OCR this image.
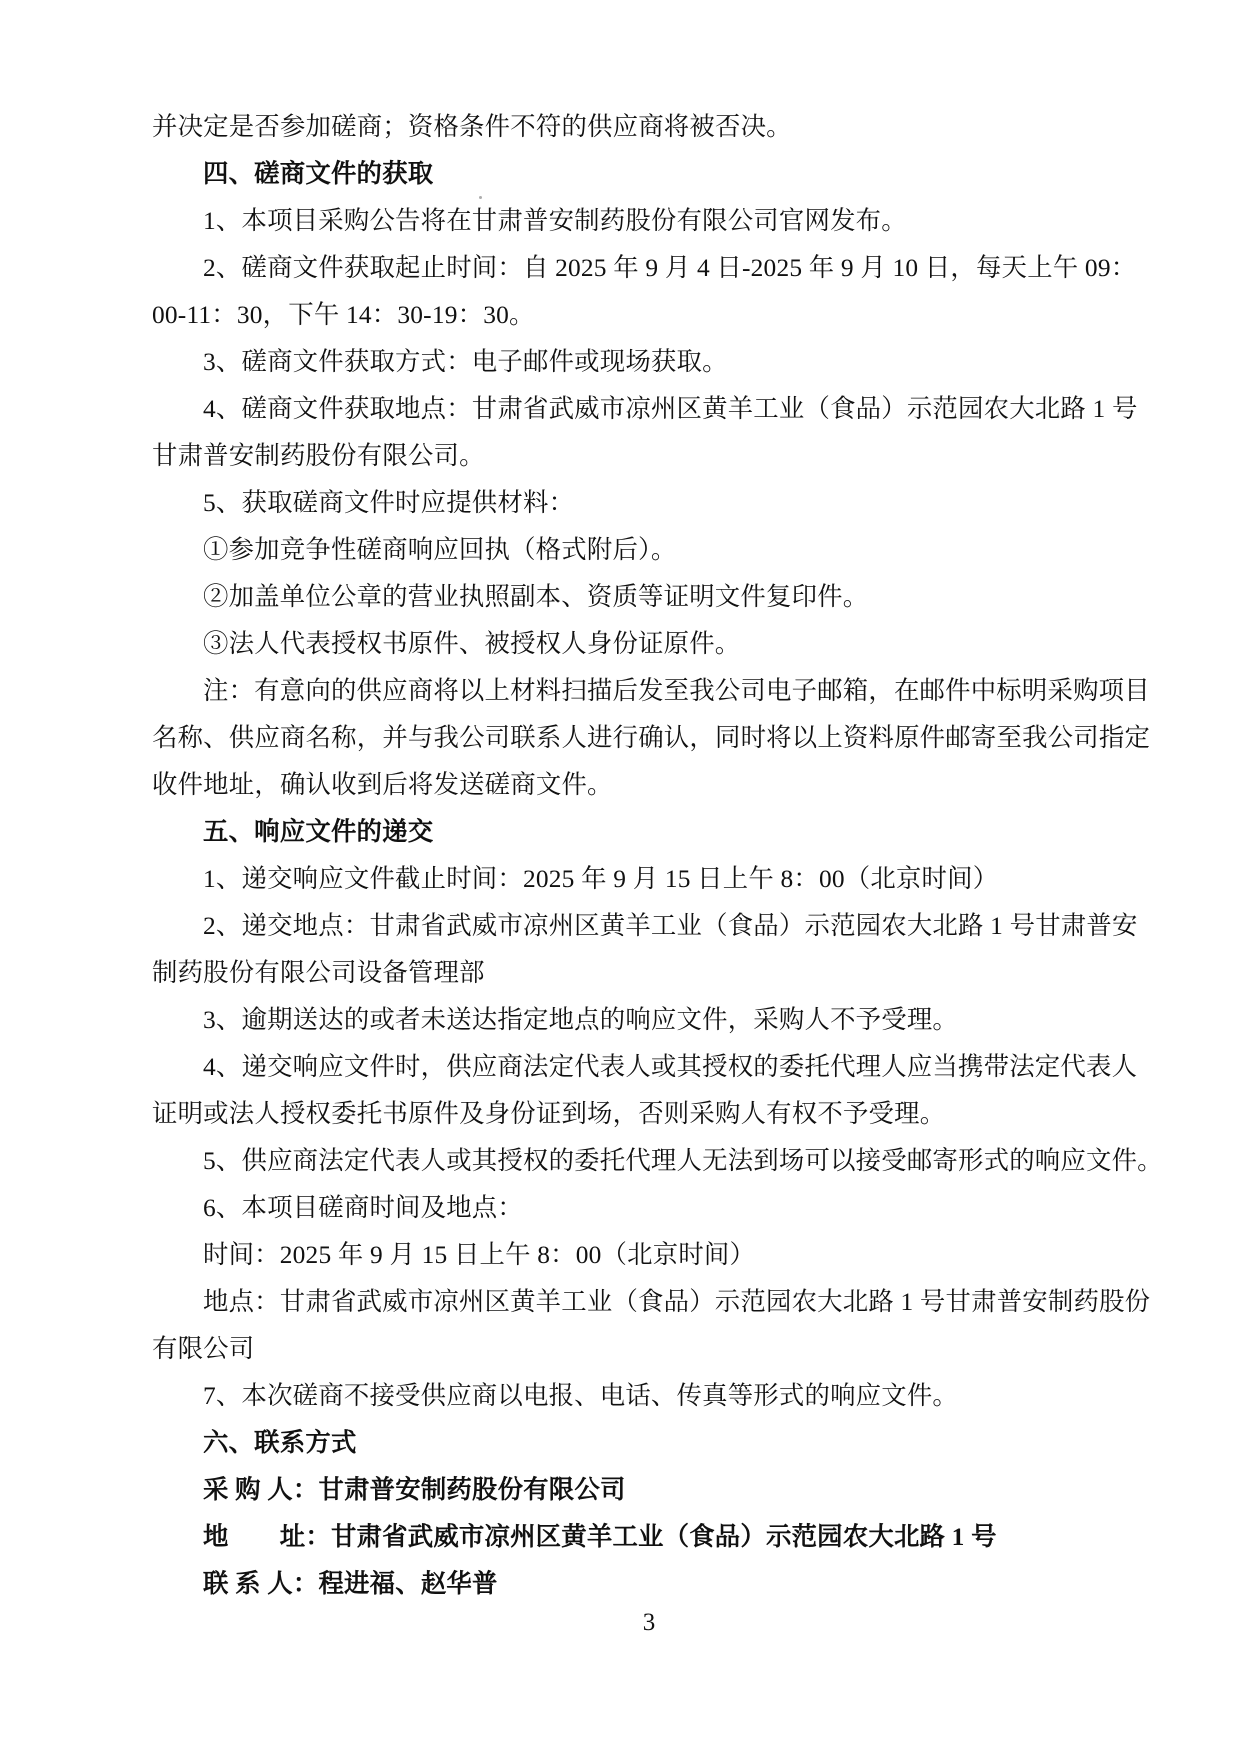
并决定是否参加磋商；资格条件不符的供应商将被否决。
四、磋商文件的获取
1、本项目采购公告将在甘肃普安制药股份有限公司官网发布。
2、磋商文件获取起止时间：自 2025 年 9 月 4 日-2025 年 9 月 10 日，每天上午 09：
00-11：30，下午 14：30-19：30。
3、磋商文件获取方式：电子邮件或现场获取。
4、磋商文件获取地点：甘肃省武威市凉州区黄羊工业（食品）示范园农大北路 1 号
甘肃普安制药股份有限公司。
5、获取磋商文件时应提供材料：
①参加竞争性磋商响应回执（格式附后）。
②加盖单位公章的营业执照副本、资质等证明文件复印件。
③法人代表授权书原件、被授权人身份证原件。
注：有意向的供应商将以上材料扫描后发至我公司电子邮箱，在邮件中标明采购项目
名称、供应商名称，并与我公司联系人进行确认，同时将以上资料原件邮寄至我公司指定
收件地址，确认收到后将发送磋商文件。
五、响应文件的递交
1、递交响应文件截止时间：2025 年 9 月 15 日上午 8：00（北京时间）
2、递交地点：甘肃省武威市凉州区黄羊工业（食品）示范园农大北路 1 号甘肃普安
制药股份有限公司设备管理部
3、逾期送达的或者未送达指定地点的响应文件，采购人不予受理。
4、递交响应文件时，供应商法定代表人或其授权的委托代理人应当携带法定代表人
证明或法人授权委托书原件及身份证到场，否则采购人有权不予受理。
5、供应商法定代表人或其授权的委托代理人无法到场可以接受邮寄形式的响应文件。
6、本项目磋商时间及地点：
时间：2025 年 9 月 15 日上午 8：00（北京时间）
地点：甘肃省武威市凉州区黄羊工业（食品）示范园农大北路 1 号甘肃普安制药股份
有限公司
7、本次磋商不接受供应商以电报、电话、传真等形式的响应文件。
六、联系方式
采 购 人：甘肃普安制药股份有限公司
地　　址：甘肃省武威市凉州区黄羊工业（食品）示范园农大北路 1 号
联 系 人：程进福、赵华普
3
